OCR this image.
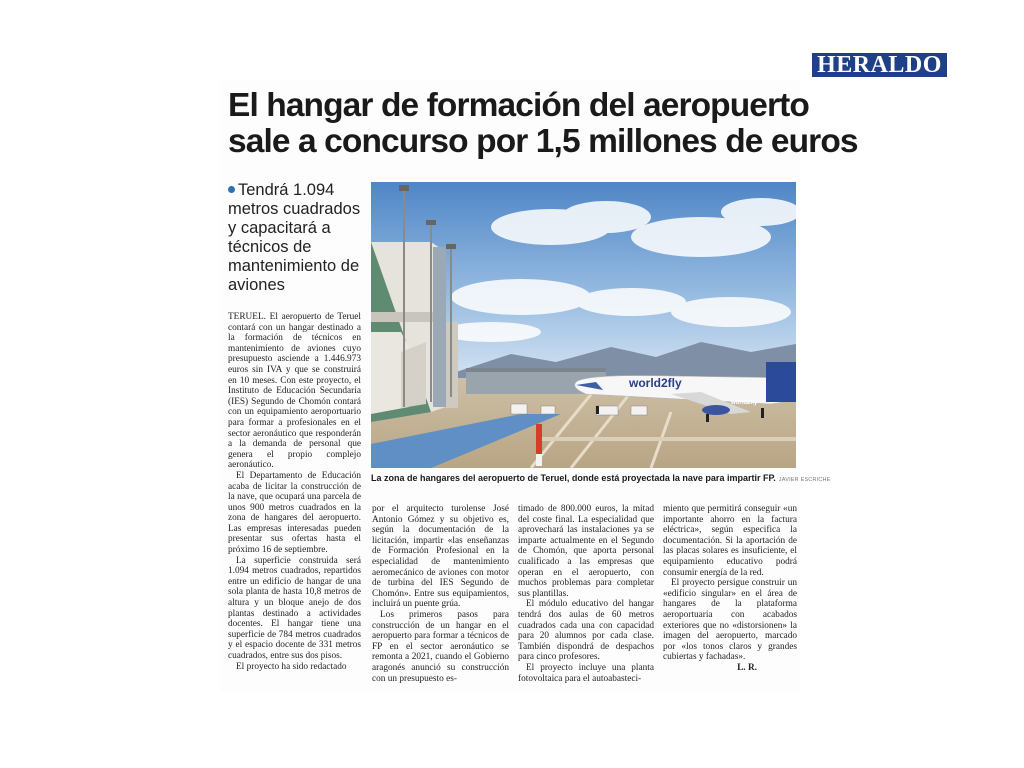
HERALDO
El hangar de formación del aeropuerto
sale a concurso por 1,5 millones de euros
Tendrá 1.094
metros cuadrados
y capacitará a
técnicos de
mantenimiento de
aviones

TERUEL. El aeropuerto de Teruel contará con un hangar destinado a la formación de técnicos en mantenimiento de aviones cuyo presupuesto asciende a 1.446.973 euros sin IVA y que se construirá en 10 meses. Con este proyecto, el Instituto de Educación Secundaria (IES) Segundo de Chomón contará con un equipamiento aeroportuario para formar a profesionales en el sector aeronáutico que responderán a la demanda de personal que genera el propio complejo aeronáutico.

El Departamento de Educación acaba de licitar la construcción de la nave, que ocupará una parcela de unos 900 metros cuadrados en la zona de hangares del aeropuerto. Las empresas interesadas pueden presentar sus ofertas hasta el próximo 16 de septiembre.

La superficie construida será 1.094 metros cuadrados, repartidos entre un edificio de hangar de una sola planta de hasta 10,8 metros de altura y un bloque anejo de dos plantas destinado a actividades docentes. El hangar tiene una superficie de 784 metros cuadrados y el espacio docente de 331 metros cuadrados, entre sus dos pisos.

El proyecto ha sido redactado

world2fly
world2fly
La zona de hangares del aeropuerto de Teruel, donde está proyectada la nave para impartir FP. JAVIER ESCRICHE

por el arquitecto turolense José Antonio Gómez y su objetivo es, según la documentación de la licitación, impartir «las enseñanzas de Formación Profesional en la especialidad de mantenimiento aeromecánico de aviones con motor de turbina del IES Segundo de Chomón». Entre sus equipamientos, incluirá un puente grúa.

Los primeros pasos para construcción de un hangar en el aeropuerto para formar a técnicos de FP en el sector aeronáutico se remonta a 2021, cuando el Gobierno aragonés anunció su construcción con un presupuesto es-

timado de 800.000 euros, la mitad del coste final. La especialidad que aprovechará las instalaciones ya se imparte actualmente en el Segundo de Chomón, que aporta personal cualificado a las empresas que operan en el aeropuerto, con muchos problemas para completar sus plantillas.

El módulo educativo del hangar tendrá dos aulas de 60 metros cuadrados cada una con capacidad para 20 alumnos por cada clase. También dispondrá de despachos para cinco profesores.

El proyecto incluye una planta fotovoltaica para el autoabasteci-

miento que permitirá conseguir «un importante ahorro en la factura eléctrica», según especifica la documentación. Si la aportación de las placas solares es insuficiente, el equipamiento educativo podrá consumir energía de la red.

El proyecto persigue construir un «edificio singular» en el área de hangares de la plataforma aeroportuaria con acabados exteriores que no «distorsionen» la imagen del aeropuerto, marcado por «los tonos claros y grandes cubiertas y fachadas».

L. R.
